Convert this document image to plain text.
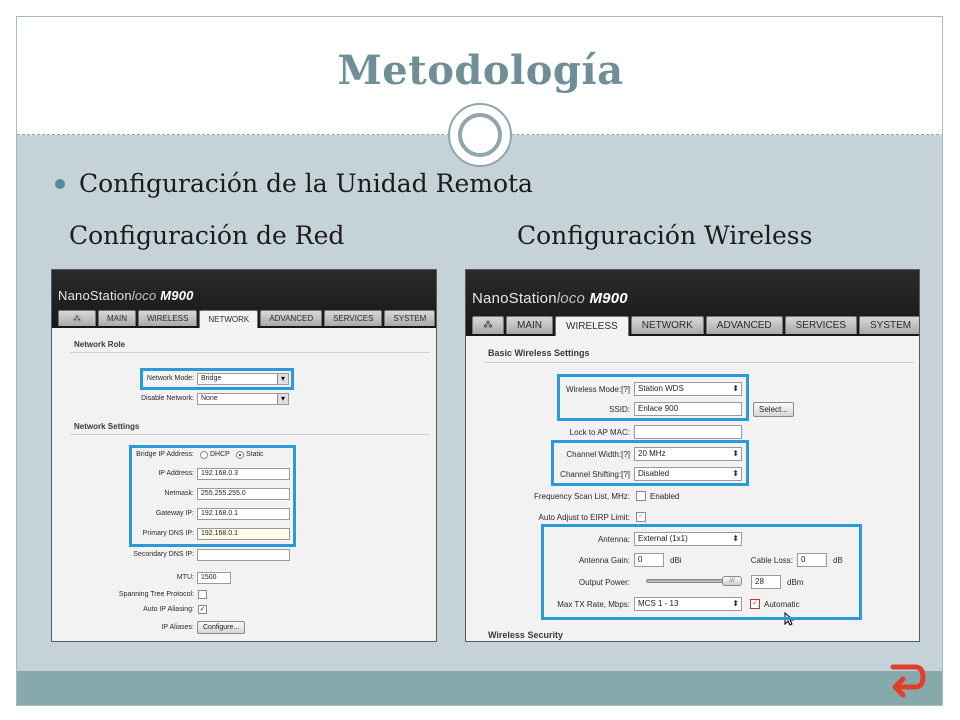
Metodología
Configuración de la Unidad Remota
Configuración de Red	Configuración Wireless
NanoStationloco M900
⁂	MAIN	WIRELESS	NETWORK	ADVANCED	SERVICES	SYSTEM
Network Role
Network Mode:	Bridge ▾
Disable Network:	None ▾
Network Settings
Bridge IP Address: DHCP Static
IP Address:	192.168.0.3
Netmask:	255.255.255.0
Gateway IP:	192.168.0.1
Primary DNS IP:	192.168.0.1
Secondary DNS IP:
MTU:	1500
Spanning Tree Protocol:
Auto IP Aliasing: ✓
IP Aliases:	Configure...
NanoStationloco M900
⁂	MAIN	WIRELESS	NETWORK	ADVANCED	SERVICES	SYSTEM
Basic Wireless Settings
Wireless Mode:[?]	Station WDS ⬍
SSID:	Enlace 900	Select...
Lock to AP MAC:
Channel Width:[?]	20 MHz ⬍
Channel Shifting:[?]	Disabled ⬍
Frequency Scan List, MHz:	Enabled
Auto Adjust to EIRP Limit: ✓
Antenna:	External (1x1) ⬍
Antenna Gain:	0	dBi	Cable Loss:	0	dB
Output Power:	///	28	dBm
Max TX Rate, Mbps:	MCS 1 - 13 ⬍	✓ Automatic
Wireless Security
